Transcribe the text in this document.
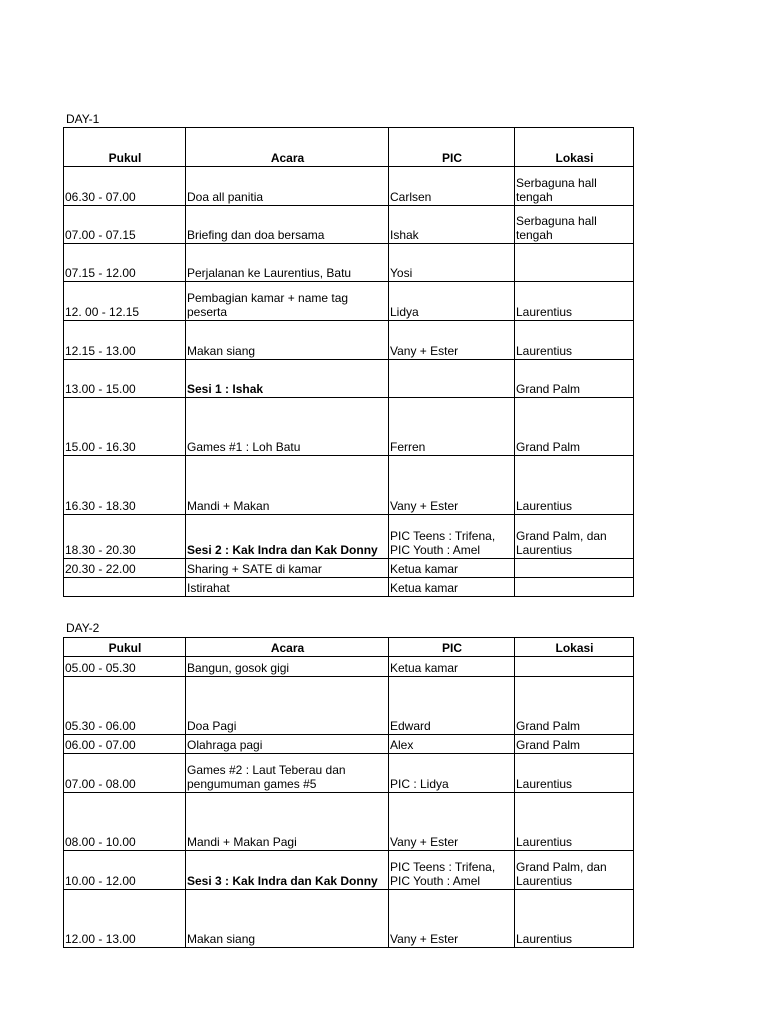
DAY-1
Pukul	Acara	PIC	Lokasi
06.30 - 07.00	Doa all panitia	Carlsen	Serbaguna hall
tengah

07.00 - 07.15	Briefing dan doa bersama	Ishak	Serbaguna hall
tengah

07.15 - 12.00	Perjalanan ke Laurentius, Batu	Yosi	

12. 00 - 12.15	Pembagian kamar + name tag
peserta	Lidya	Laurentius

12.15 - 13.00	Makan siang	Vany + Ester	Laurentius

13.00 - 15.00	Sesi 1 : Ishak		Grand Palm

15.00 - 16.30	Games #1 : Loh Batu	Ferren	Grand Palm

16.30 - 18.30	Mandi + Makan	Vany + Ester	Laurentius

18.30 - 20.30	Sesi 2 : Kak Indra dan Kak Donny	PIC Teens : Trifena,
PIC Youth : Amel	Grand Palm, dan
Laurentius

20.30 - 22.00	Sharing + SATE di kamar	Ketua kamar	

	Istirahat	Ketua kamar	

DAY-2
Pukul	Acara	PIC	Lokasi
05.00 - 05.30	Bangun, gosok gigi	Ketua kamar	

05.30 - 06.00	Doa Pagi	Edward	Grand Palm

06.00 - 07.00	Olahraga pagi	Alex	Grand Palm

07.00 - 08.00	Games #2 : Laut Teberau dan
pengumuman games #5	PIC : Lidya	Laurentius

08.00 - 10.00	Mandi + Makan Pagi	Vany + Ester	Laurentius

10.00 - 12.00	Sesi 3 : Kak Indra dan Kak Donny	PIC Teens : Trifena,
PIC Youth : Amel	Grand Palm, dan
Laurentius

12.00 - 13.00	Makan siang	Vany + Ester	Laurentius
